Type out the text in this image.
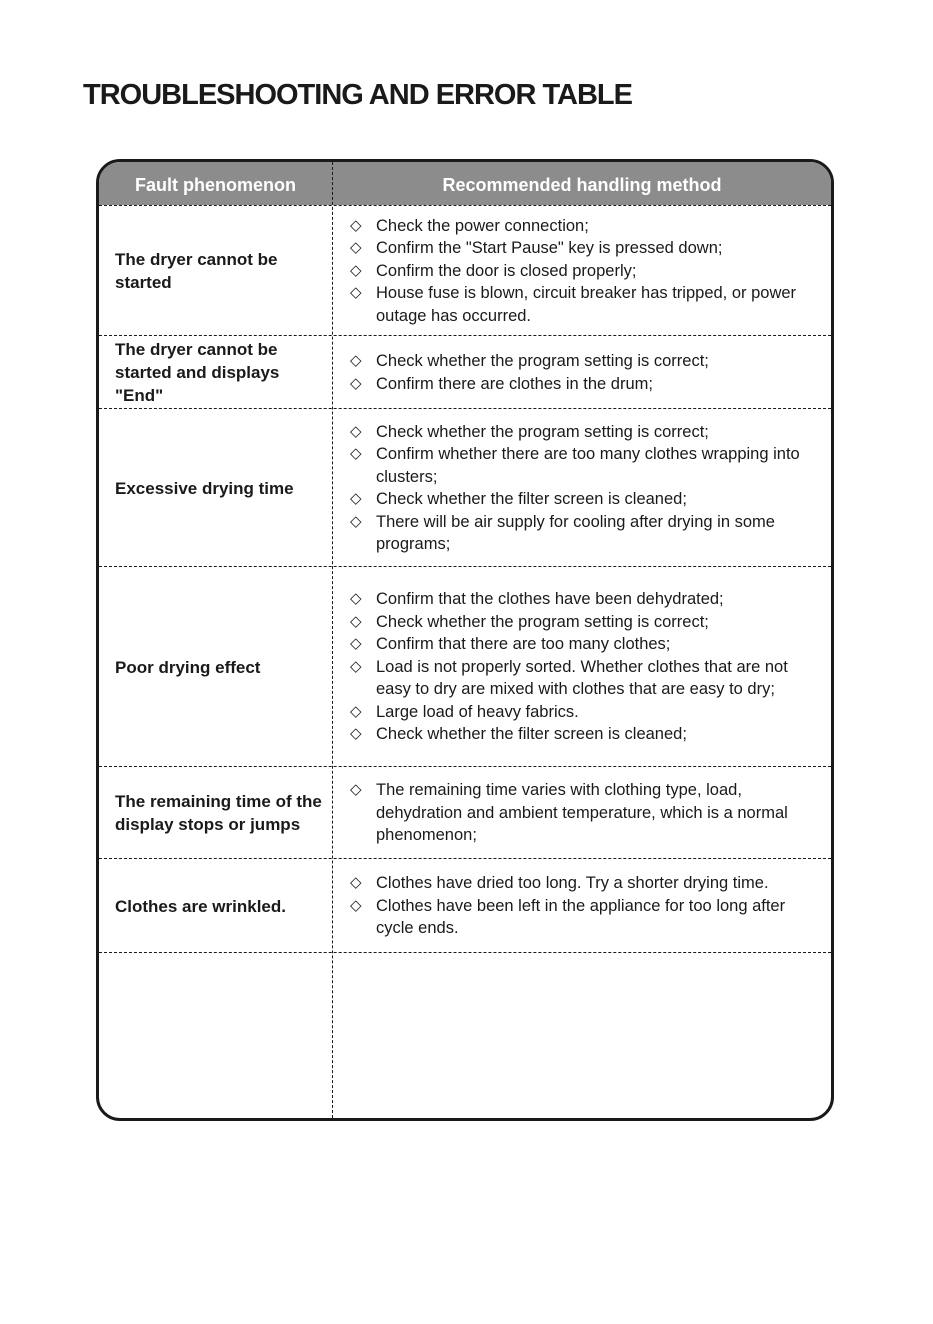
TROUBLESHOOTING AND ERROR TABLE
Fault phenomenon	Recommended handling method
The dryer cannot be started
◇ Check the power connection;
◇ Confirm the "Start Pause" key is pressed down;
◇ Confirm the door is closed properly;
◇ House fuse is blown, circuit breaker has tripped, or power outage has occurred.
The dryer cannot be started and displays "End"
◇ Check whether the program setting is correct;
◇ Confirm there are clothes in the drum;
Excessive drying time
◇ Check whether the program setting is correct;
◇ Confirm whether there are too many clothes wrapping into clusters;
◇ Check whether the filter screen is cleaned;
◇ There will be air supply for cooling after drying in some programs;
Poor drying effect
◇ Confirm that the clothes have been dehydrated;
◇ Check whether the program setting is correct;
◇ Confirm that there are too many clothes;
◇ Load is not properly sorted. Whether clothes that are not easy to dry are mixed with clothes that are easy to dry;
◇ Large load of heavy fabrics.
◇ Check whether the filter screen is cleaned;
The remaining time of the display stops or jumps
◇ The remaining time varies with clothing type, load, dehydration and ambient temperature, which is a normal phenomenon;
Clothes are wrinkled.
◇ Clothes have dried too long. Try a shorter drying time.
◇ Clothes have been left in the appliance for too long after cycle ends.
